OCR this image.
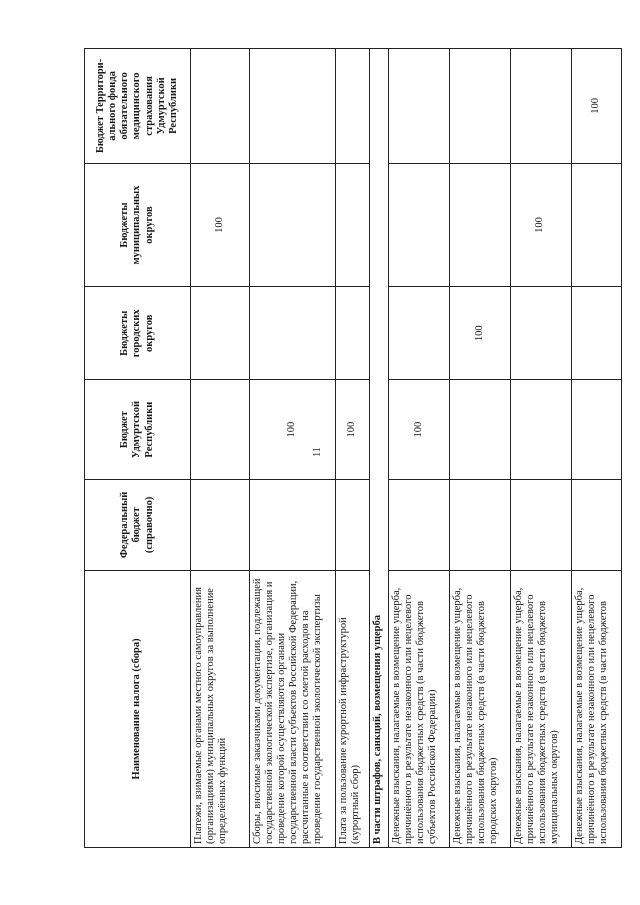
11
Наименование налога (сбора)	Федеральный бюджет (справочно)	Бюджет Удмуртской Республики	Бюджеты городских округов	Бюджеты муниципальных округов	Бюджет Территори-ального фонда обязательного медицинского страхования Удмуртской Республики
Платежи, взимаемые органами местного самоуправления (организациями) муниципальных округов за выполнение определённых функций				100	
Сборы, вносимые заказчиками документации, подлежащей государственной экологической экспертизе, организация и проведение которой осуществляются органами государственной власти субъектов Российской Федерации, рассчитанные в соответствии со сметой расходов на проведение государственной экологической экспертизы		100			
Плата за пользование курортной инфраструктурой (курортный сбор)		100			
В части штрафов, санкций, возмещения ущерба					
Денежные взыскания, налагаемые в возмещение ущерба, причинённого в результате незаконного или нецелевого использования бюджетных средств (в части бюджетов субъектов Российской Федерации)		100			
Денежные взыскания, налагаемые в возмещение ущерба, причинённого в результате незаконного или нецелевого использования бюджетных средств (в части бюджетов городских округов)			100		
Денежные взыскания, налагаемые в возмещение ущерба, причинённого в результате незаконного или нецелевого использования бюджетных средств (в части бюджетов муниципальных округов)				100	
Денежные взыскания, налагаемые в возмещение ущерба, причинённого в результате незаконного или нецелевого использования бюджетных средств (в части бюджетов					100
